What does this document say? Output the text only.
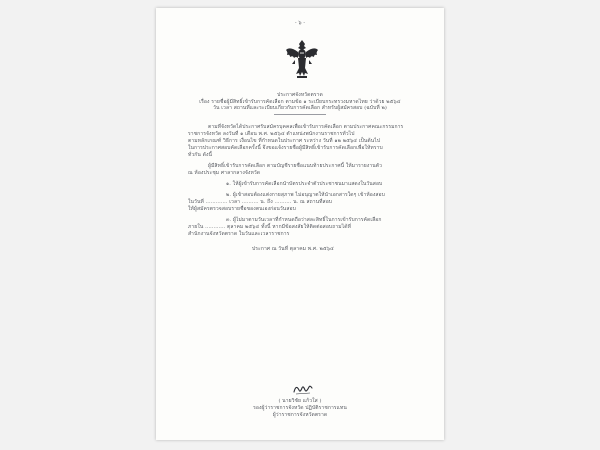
- ๖ -
ประกาศจังหวัดตราด
เรื่อง รายชื่อผู้มีสิทธิ์เข้ารับการคัดเลือก ตามข้อ ๑ ระเบียบกระทรวงมหาดไทย ว่าด้วย ๒๕๖๔
วัน เวลา สถานที่และระเบียบเกี่ยวกับการคัดเลือก สำหรับผู้สมัครสอบ (ฉบับที่ ๒)
ตามที่จังหวัดได้ประกาศรับสมัครบุคคลเพื่อเข้ารับการคัดเลือก ตามประกาศคณะกรรมการ
ราชการจังหวัด ลงวันที่ ๑ เดือน พ.ศ. ๒๕๖๔ ตำแหน่งพนักงานราชการทั่วไป
ตามหลักเกณฑ์ วิธีการ เงื่อนไข ที่กำหนดในประกาศ ระหว่าง วันที่ ๑๒ ๒๕๖๔ เป็นต้นไป
ในการประกาศสอบคัดเลือกครั้งนี้ จึงขอแจ้งรายชื่อผู้มีสิทธิ์เข้ารับการคัดเลือกเพื่อให้ทราบ
ทั่วกัน ดังนี้
ผู้มีสิทธิ์เข้ารับการคัดเลือก ตามบัญชีรายชื่อแนบท้ายประกาศนี้ ให้มารายงานตัว
ณ ห้องประชุม ศาลากลางจังหวัด
๑. ให้ผู้เข้ารับการคัดเลือกนำบัตรประจำตัวประชาชนมาแสดงในวันสอบ
๒. ผู้เข้าสอบต้องแต่งกายสุภาพ ไม่อนุญาตให้นำเอกสารใดๆ เข้าห้องสอบ
ในวันที่ ............. เวลา .......... น. ถึง .......... น. ณ สถานที่สอบ
ให้ผู้สมัครตรวจสอบรายชื่อของตนเองก่อนวันสอบ
๓. ผู้ไม่มาตามวันเวลาที่กำหนดถือว่าสละสิทธิ์ในการเข้ารับการคัดเลือก
ภายใน ............ ตุลาคม ๒๕๖๔ ทั้งนี้ หากมีข้อสงสัยให้ติดต่อสอบถามได้ที่
สำนักงานจังหวัดตราด ในวันและเวลาราชการ
ประกาศ ณ วันที่ ตุลาคม พ.ศ. ๒๕๖๔
( นายวิชัย แก้วใส )
รองผู้ว่าราชการจังหวัด ปฏิบัติราชการแทน
ผู้ว่าราชการจังหวัดตราด
